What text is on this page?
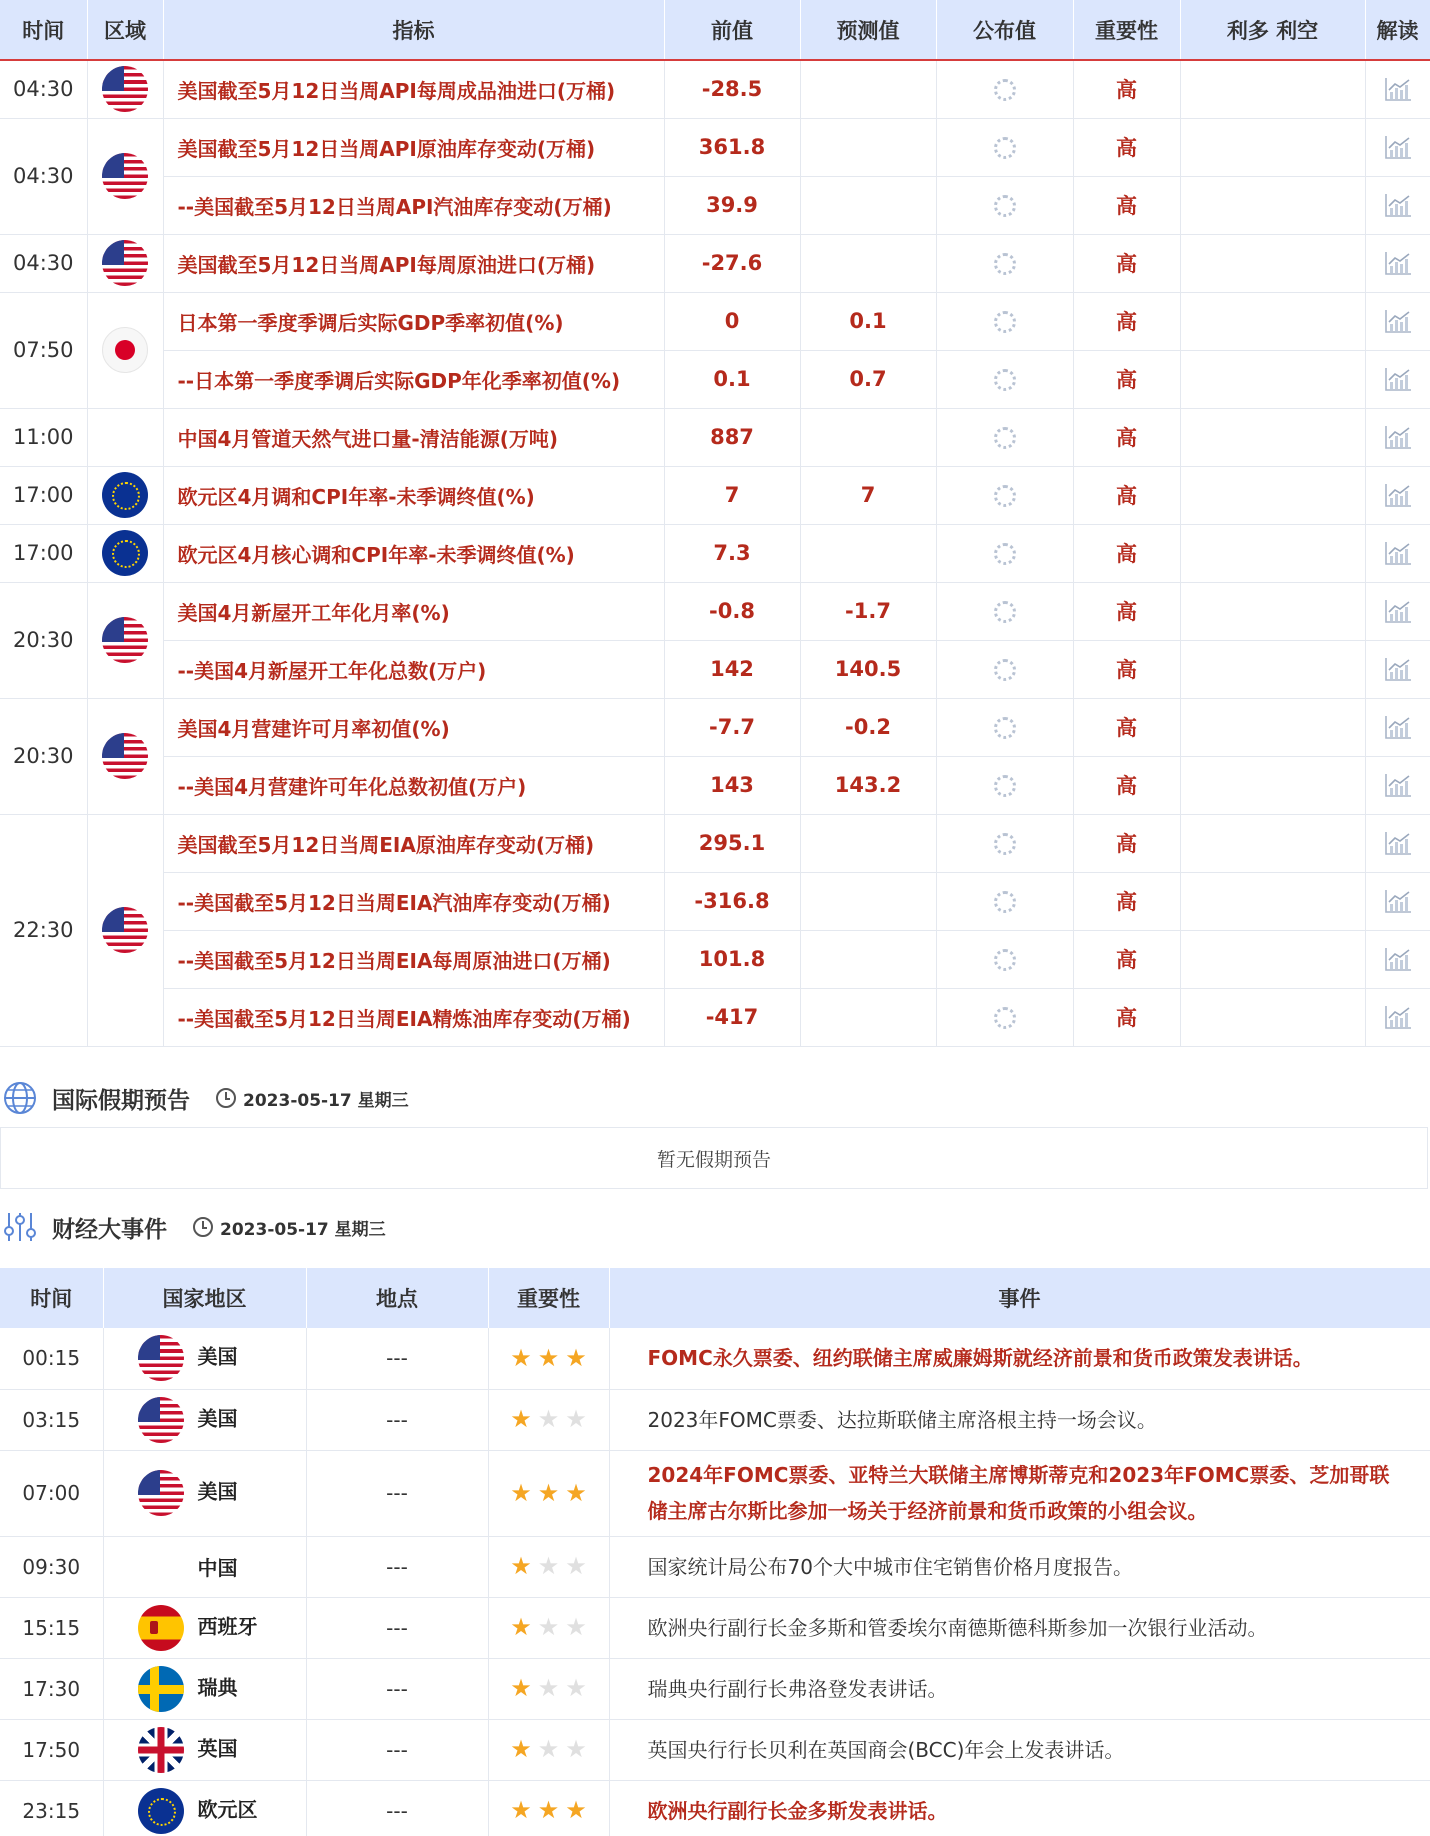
时间	区域	指标	前值	预测值	公布值	重要性	利多 利空	解读
04:30		美国截至5月12日当周API每周成品油进口(万桶)	-28.5			高		
04:30		美国截至5月12日当周API原油库存变动(万桶)	361.8			高		
		--美国截至5月12日当周API汽油库存变动(万桶)	39.9			高		
04:30		美国截至5月12日当周API每周原油进口(万桶)	-27.6			高		
07:50		日本第一季度季调后实际GDP季率初值(%)	0	0.1		高		
		--日本第一季度季调后实际GDP年化季率初值(%)	0.1	0.7		高		
11:00		中国4月管道天然气进口量-清洁能源(万吨)	887			高		
17:00		欧元区4月调和CPI年率-未季调终值(%)	7	7		高		
17:00		欧元区4月核心调和CPI年率-未季调终值(%)	7.3			高		
20:30		美国4月新屋开工年化月率(%)	-0.8	-1.7		高		
		--美国4月新屋开工年化总数(万户)	142	140.5		高		
20:30		美国4月营建许可月率初值(%)	-7.7	-0.2		高		
		--美国4月营建许可年化总数初值(万户)	143	143.2		高		
22:30		美国截至5月12日当周EIA原油库存变动(万桶)	295.1			高		
		--美国截至5月12日当周EIA汽油库存变动(万桶)	-316.8			高		
		--美国截至5月12日当周EIA每周原油进口(万桶)	101.8			高		
		--美国截至5月12日当周EIA精炼油库存变动(万桶)	-417			高		
国际假期预告	2023-05-17 星期三
暂无假期预告
财经大事件	2023-05-17 星期三
时间	国家地区	地点	重要性	事件
00:15	美国	---	★ ★ ★	FOMC永久票委、纽约联储主席威廉姆斯就经济前景和货币政策发表讲话。
03:15	美国	---	★ ★ ★	2023年FOMC票委、达拉斯联储主席洛根主持一场会议。
07:00	美国	---	★ ★ ★	2024年FOMC票委、亚特兰大联储主席博斯蒂克和2023年FOMC票委、芝加哥联储主席古尔斯比参加一场关于经济前景和货币政策的小组会议。
09:30	中国	---	★ ★ ★	国家统计局公布70个大中城市住宅销售价格月度报告。
15:15	西班牙	---	★ ★ ★	欧洲央行副行长金多斯和管委埃尔南德斯德科斯参加一次银行业活动。
17:30	瑞典	---	★ ★ ★	瑞典央行副行长弗洛登发表讲话。
17:50	英国	---	★ ★ ★	英国央行行长贝利在英国商会(BCC)年会上发表讲话。
23:15	欧元区	---	★ ★ ★	欧洲央行副行长金多斯发表讲话。
